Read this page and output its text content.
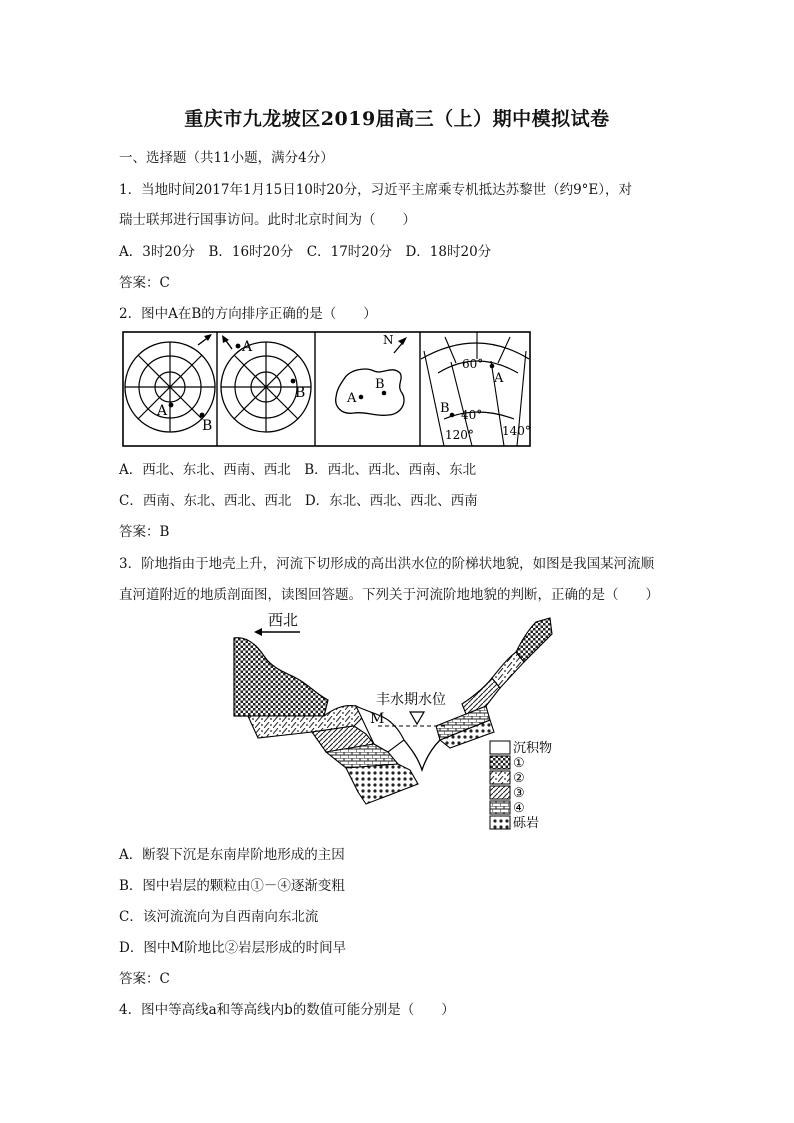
重庆市九龙坡区2019届高三（上）期中模拟试卷
一、选择题（共11小题，满分4分）
1．当地时间2017年1月15日10时20分，习近平主席乘专机抵达苏黎世（约9°E），对
瑞士联邦进行国事访问。此时北京时间为（　　）
A．3时20分　B．16时20分　C．17时20分　D．18时20分
答案：C
2．图中A在B的方向排序正确的是（　　）
A
B
A
B
N
A
B
60°
A
B 40°
120° 140°
A．西北、东北、西南、西北　B．西北、西北、西南、东北
C．西南、东北、西北、西北　D．东北、西北、西北、西南
答案：B
3．阶地指由于地壳上升，河流下切形成的高出洪水位的阶梯状地貌，如图是我国某河流顺
直河道附近的地质剖面图，读图回答题。下列关于河流阶地地貌的判断，正确的是（　　）
西北
丰水期水位
M
沉积物
①
②
③
④
砾岩
A．断裂下沉是东南岸阶地形成的主因
B．图中岩层的颗粒由①－④逐渐变粗
C．该河流流向为自西南向东北流
D．图中M阶地比②岩层形成的时间早
答案：C
4．图中等高线a和等高线内b的数值可能分别是（　　）
